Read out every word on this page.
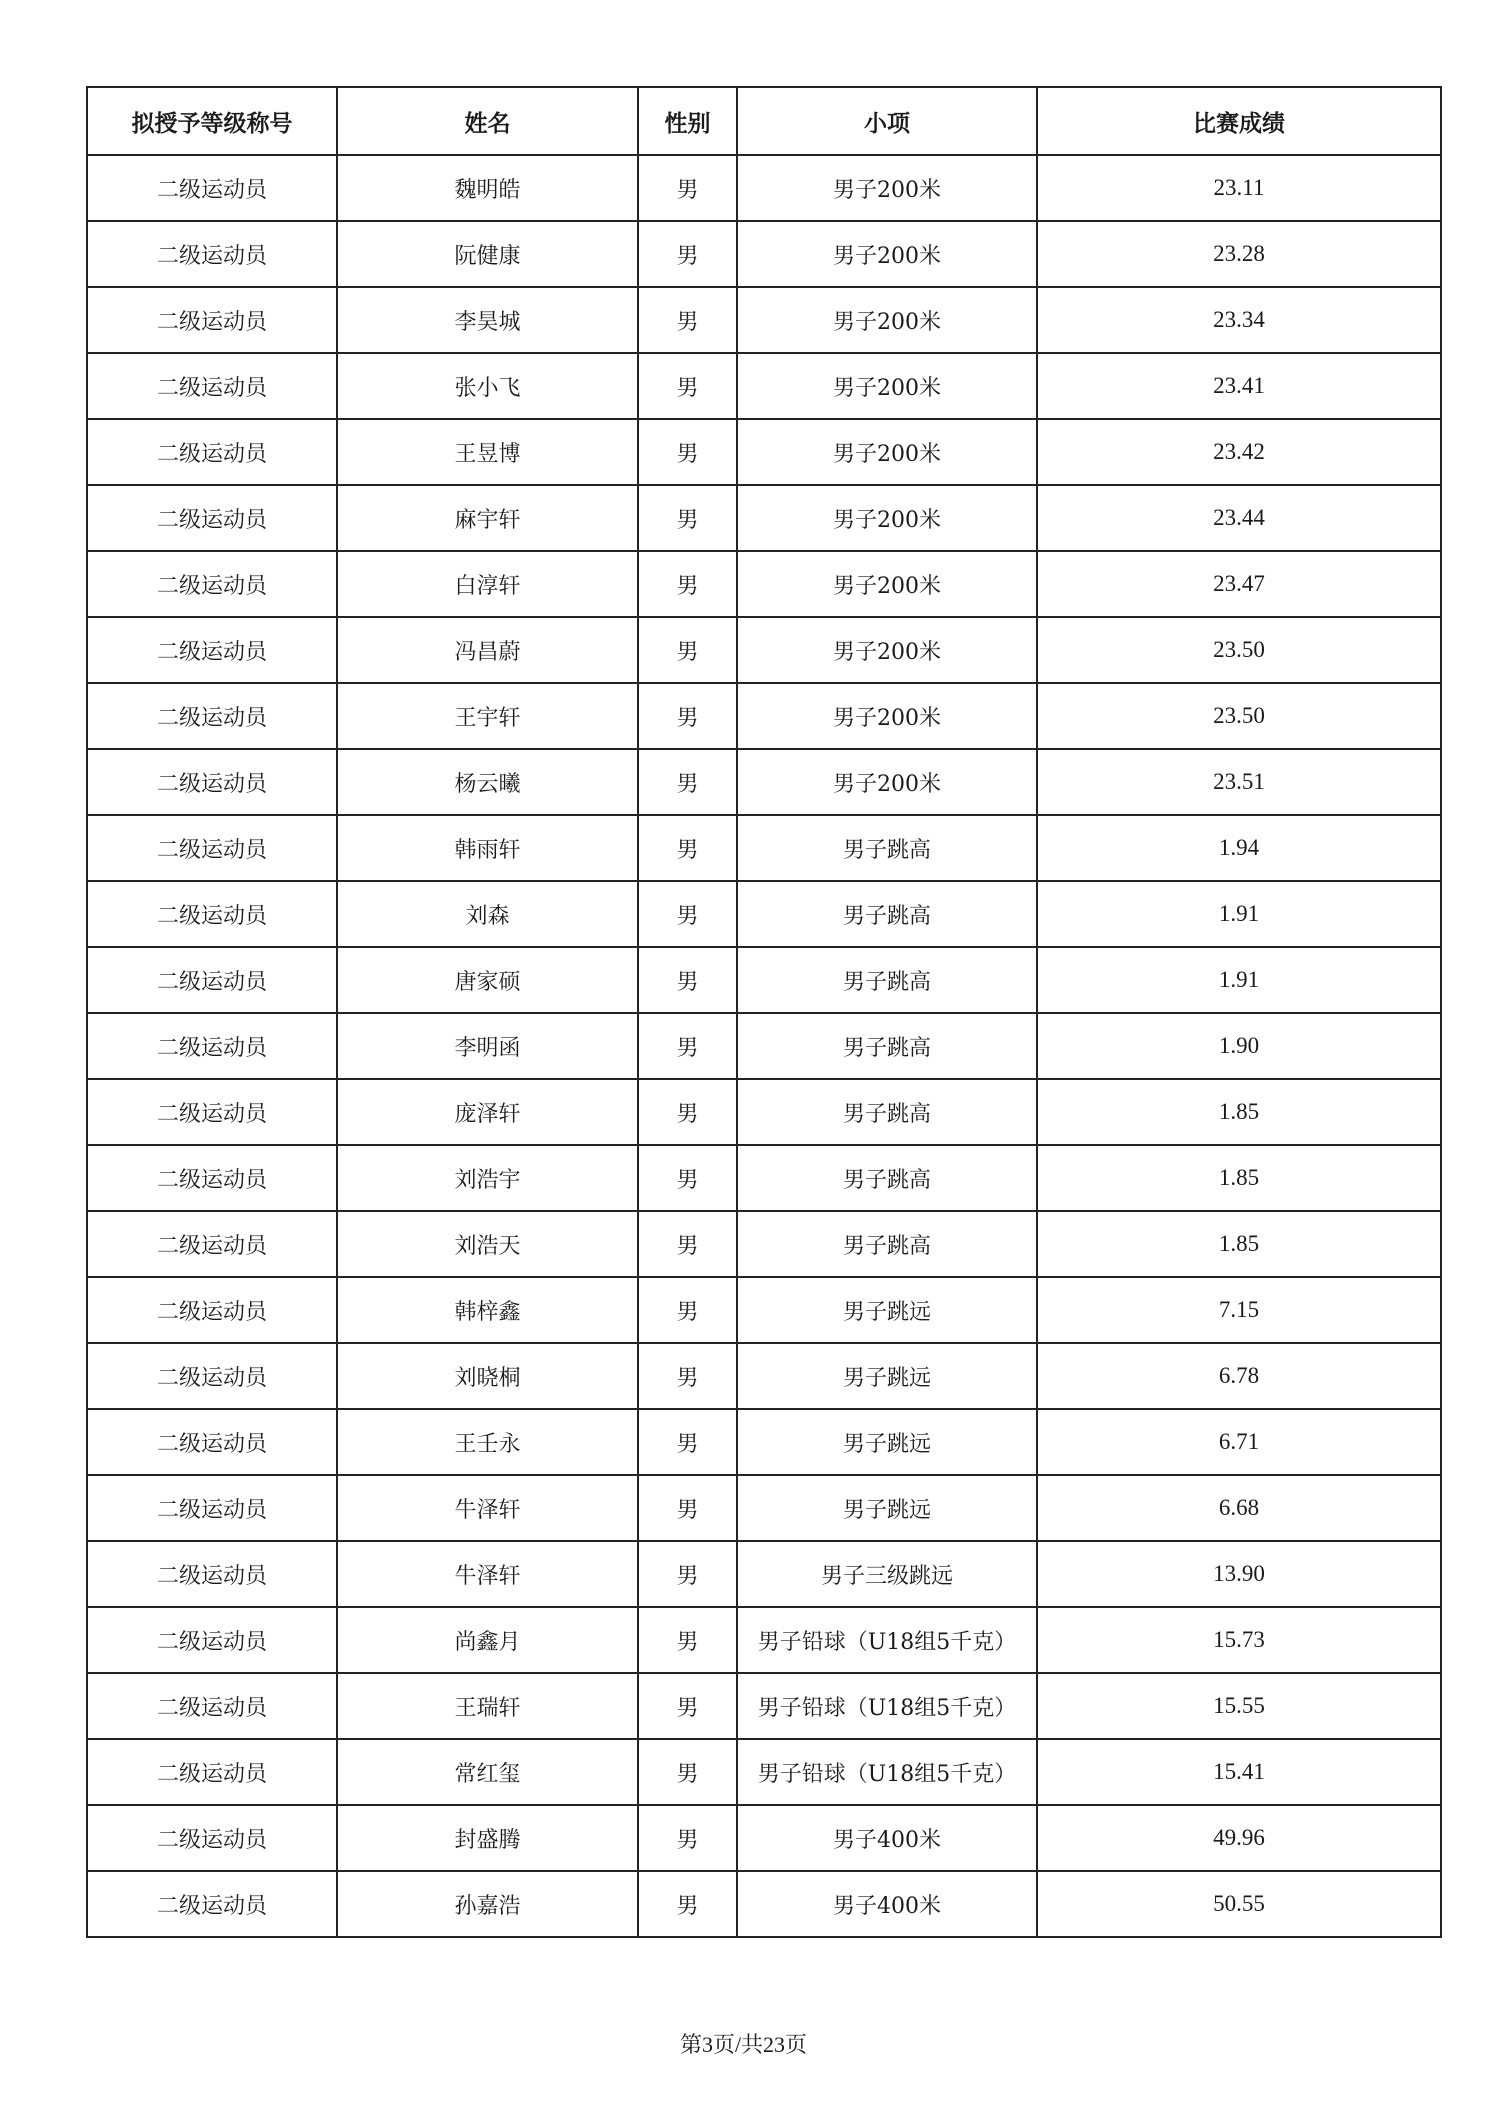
拟授予等级称号	姓名	性别	小项	比赛成绩
二级运动员	魏明皓	男	男子200米	23.11
二级运动员	阮健康	男	男子200米	23.28
二级运动员	李昊城	男	男子200米	23.34
二级运动员	张小飞	男	男子200米	23.41
二级运动员	王昱博	男	男子200米	23.42
二级运动员	麻宇轩	男	男子200米	23.44
二级运动员	白淳轩	男	男子200米	23.47
二级运动员	冯昌蔚	男	男子200米	23.50
二级运动员	王宇轩	男	男子200米	23.50
二级运动员	杨云曦	男	男子200米	23.51
二级运动员	韩雨轩	男	男子跳高	1.94
二级运动员	刘森	男	男子跳高	1.91
二级运动员	唐家硕	男	男子跳高	1.91
二级运动员	李明函	男	男子跳高	1.90
二级运动员	庞泽轩	男	男子跳高	1.85
二级运动员	刘浩宇	男	男子跳高	1.85
二级运动员	刘浩天	男	男子跳高	1.85
二级运动员	韩梓鑫	男	男子跳远	7.15
二级运动员	刘晓桐	男	男子跳远	6.78
二级运动员	王壬永	男	男子跳远	6.71
二级运动员	牛泽轩	男	男子跳远	6.68
二级运动员	牛泽轩	男	男子三级跳远	13.90
二级运动员	尚鑫月	男	男子铅球（U18组5千克）	15.73
二级运动员	王瑞轩	男	男子铅球（U18组5千克）	15.55
二级运动员	常红玺	男	男子铅球（U18组5千克）	15.41
二级运动员	封盛腾	男	男子400米	49.96
二级运动员	孙嘉浩	男	男子400米	50.55
第3页/共23页
